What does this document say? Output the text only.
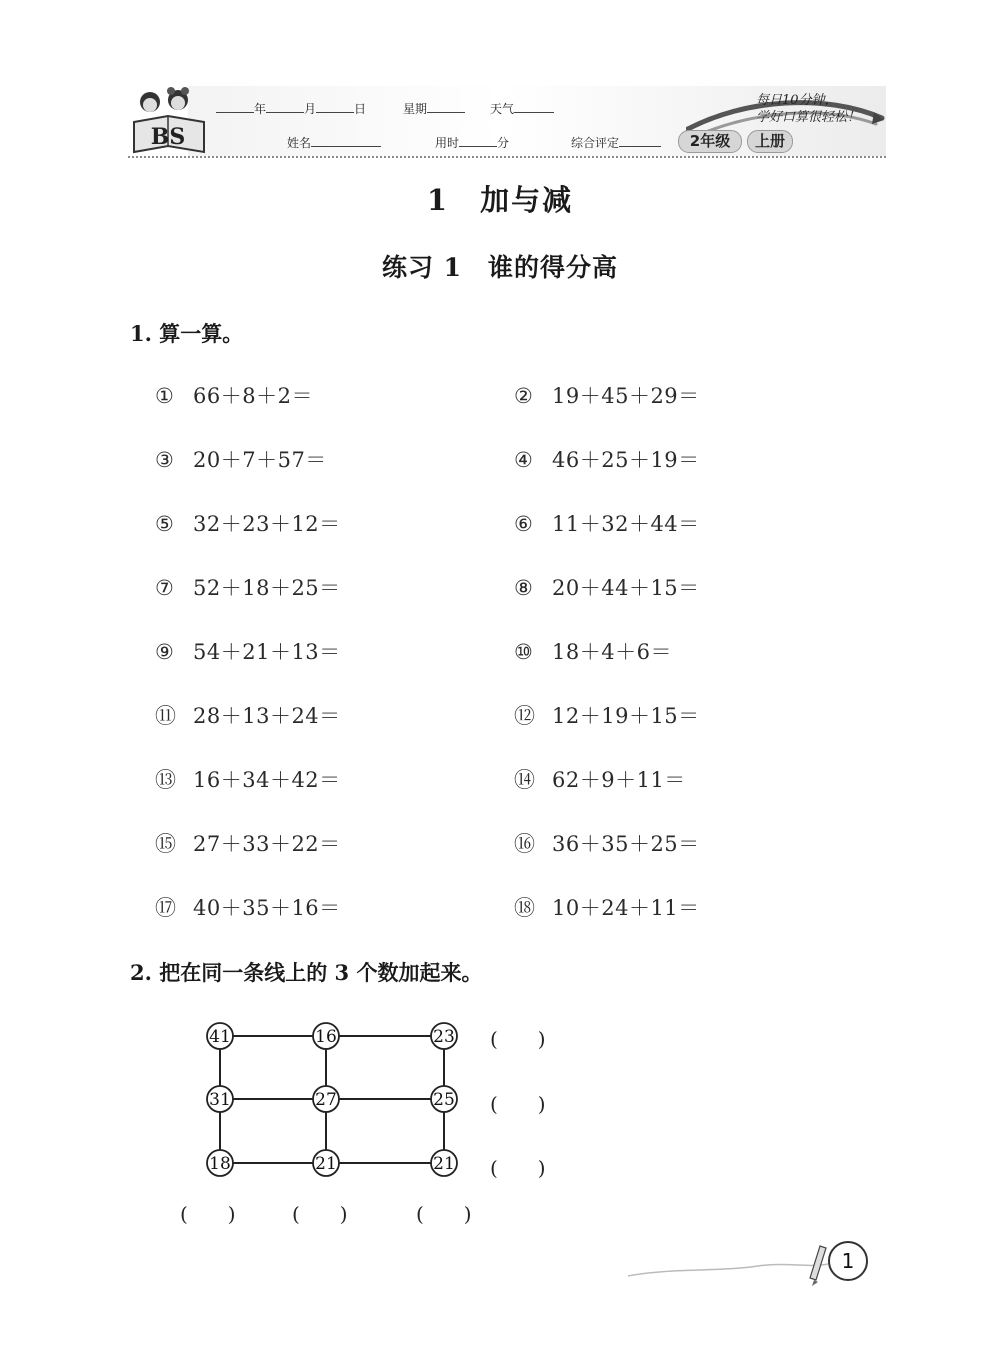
BS
年	月	日	星期	天气
姓名	用时	分	综合评定
每日10分钟，
学好口算很轻松！
2年级	上册
1　加与减
练习 1　谁的得分高
1. 算一算。
① 66＋8＋2＝	② 19＋45＋29＝
③ 20＋7＋57＝	④ 46＋25＋19＝
⑤ 32＋23＋12＝	⑥ 11＋32＋44＝
⑦ 52＋18＋25＝	⑧ 20＋44＋15＝
⑨ 54＋21＋13＝	⑩ 18＋4＋6＝
⑪ 28＋13＋24＝	⑫ 12＋19＋15＝
⑬ 16＋34＋42＝	⑭ 62＋9＋11＝
⑮ 27＋33＋22＝	⑯ 36＋35＋25＝
⑰ 40＋35＋16＝	⑱ 10＋24＋11＝
2. 把在同一条线上的 3 个数加起来。
41	16	23
31	27	25
18	21	21
(　　)
(　　)
(　　)
(　　)	(　　)	(　　)
1
